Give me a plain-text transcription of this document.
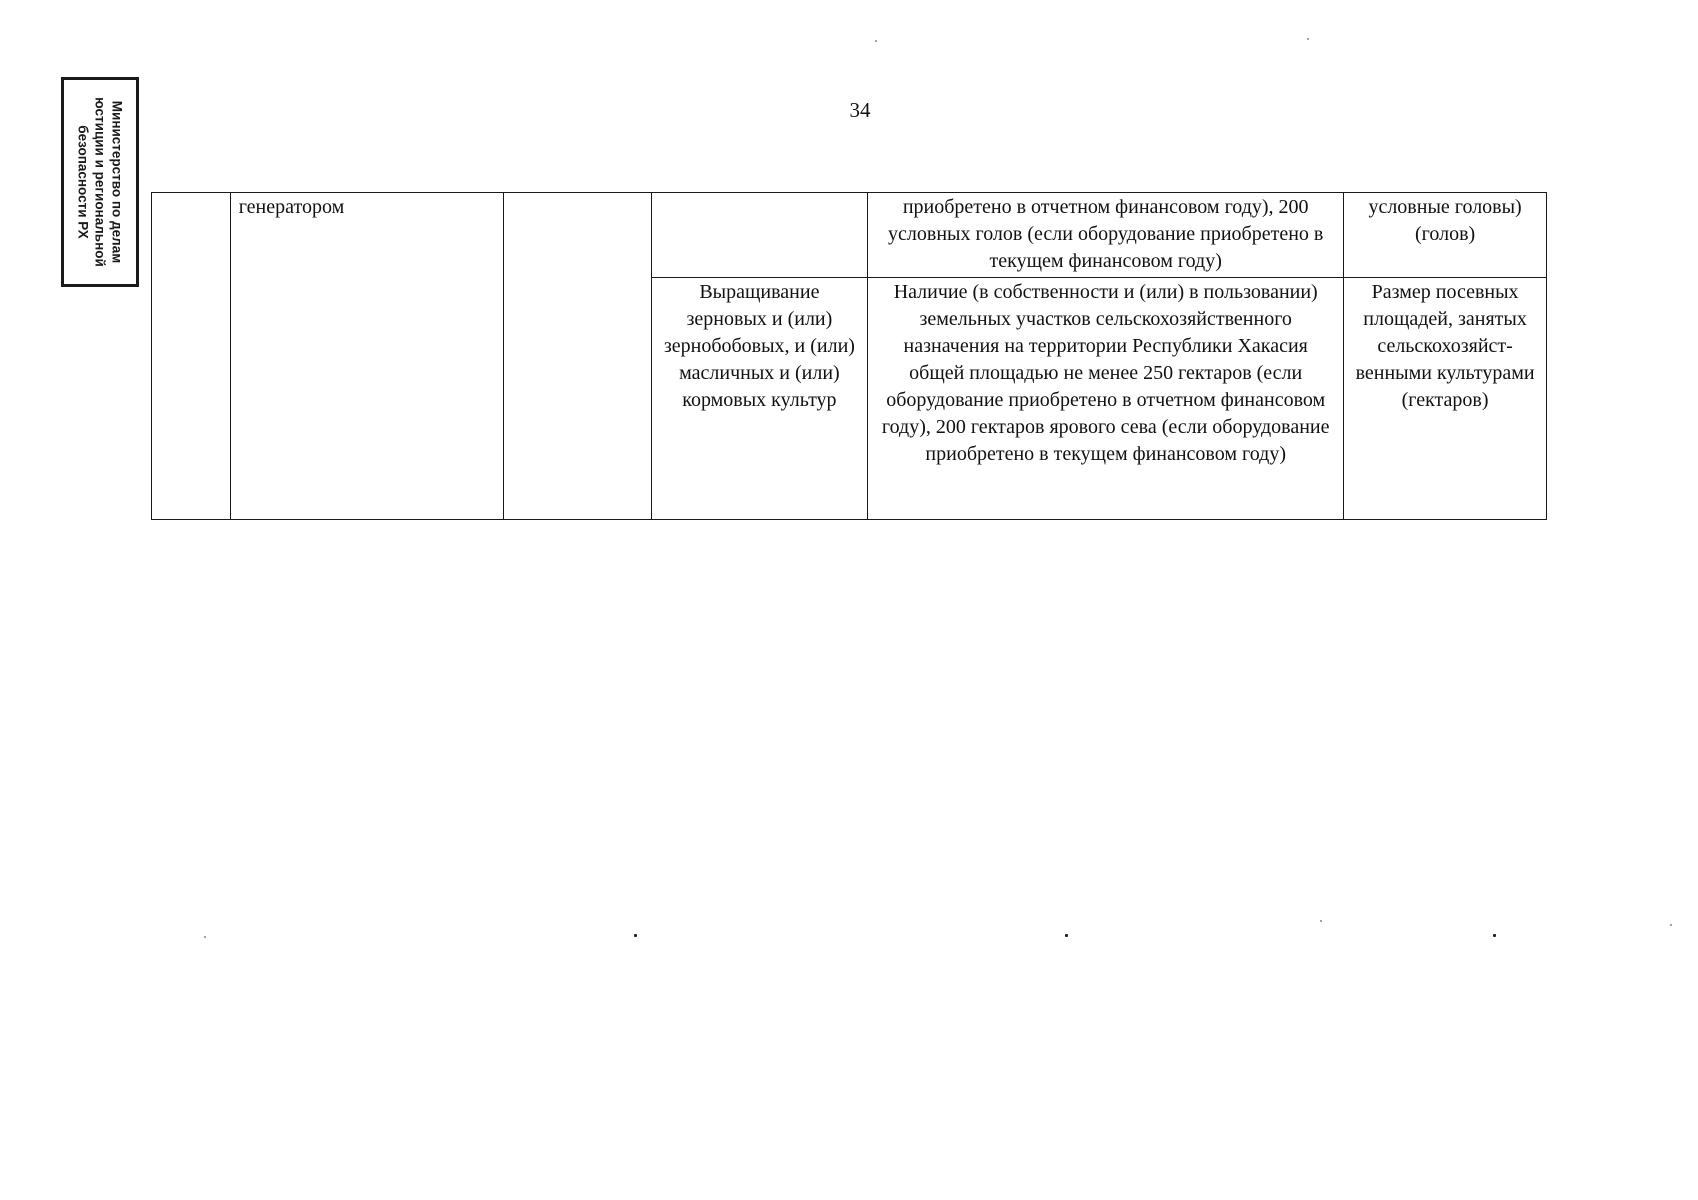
Министерство по делам
юстиции и региональной
безопасности РХ
34
	генератором			приобретено в отчетном финансовом году), 200 условных голов (если оборудование приобретено в текущем финансовом году)	условные головы) (голов)
			Выращивание зерновых и (или) зернобобовых, и (или) масличных и (или) кормовых культур	Наличие (в собственности и (или) в пользовании) земельных участков сельскохозяйственного назначения на территории Республики Хакасия общей площадью не менее 250 гектаров (если оборудование приобретено в отчетном финансовом году), 200 гектаров ярового сева (если оборудование приобретено в текущем финансовом году)	Размер посевных площадей, занятых сельскохозяйст-венными культурами (гектаров)
